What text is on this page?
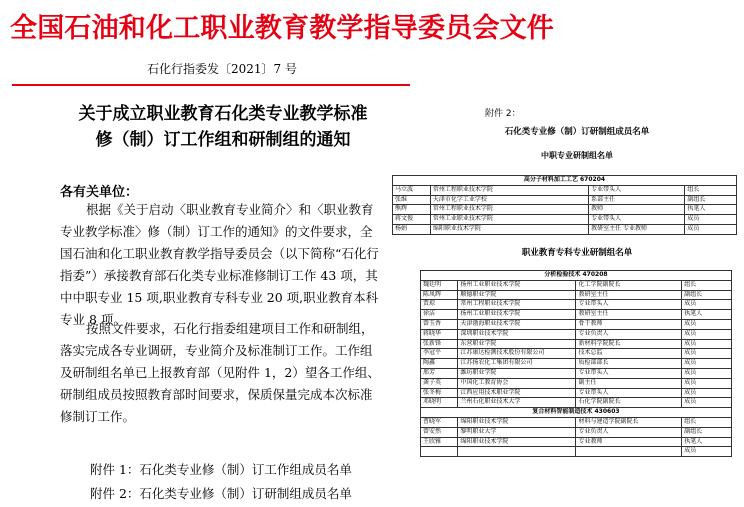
全国石油和化工职业教育教学指导委员会文件
石化行指委发〔2021〕7 号
关于成立职业教育石化类专业教学标准
修（制）订工作组和研制组的通知
各有关单位：

根据《关于启动〈职业教育专业简介〉和〈职业教育专业教学标准〉修（制）订工作的通知》的文件要求，全国石油和化工职业教育教学指导委员会（以下简称“石化行指委”）承接教育部石化类专业标准修制订工作 43 项，其中中职专业 15 项,职业教育专科专业 20 项,职业教育本科专业 8 项。

按照文件要求，石化行指委组建项目工作和研制组，落实完成各专业调研，专业简介及标准制订工作。工作组及研制组名单已上报教育部（见附件 1，2）望各工作组、研制组成员按照教育部时间要求，保质保量完成本次标准修制订工作。

附件 1：石化类专业修（制）订工作组成员名单
附件 2：石化类专业修（制）订研制组成员名单
附件 2：
石化类专业修（制）订研制组成员名单
中职专业研制组名单
高分子材料加工工艺 670204			
马立波	常州工程职业技术学院	专业带头人	组长
张维	天津市化学工业学校	系部主任	副组长
熊辉	常州工程职业技术学院	教师	执笔人
蒋文俊	常州工业职业技术学院	专业带头人	成员
杨娟	绵阳职业技术学院	教研室主任 专业教师	成员
职业教育专科专业研制组名单
分析检验技术 470208			
魏廷明	扬州工业职业技术学院	化工学院副院长	组长
陈凤辉	顺德职业学院	教研室主任	副组长
贾琼	常州工程职业技术学院	专业带头人	成员
徐洁	扬州工业职业技术学院	教研室主任	执笔人
曾玉香	天津渤海职业技术学院	骨干教师	成员
蒋晓华	深圳职业技术学院	专业负责人	成员
张新锋	东营职业学院	新材料学院院长	成员
李冠平	江苏康达检测技术股份有限公司	技术总监	成员
陶鑫	江苏扬农化工集团有限公司	质检部部长	成员
邢芳	潍坊职业学院	专业带头人	成员
龚子英	中国化工教育协会	副主任	成员
张冬梅	江西应用技术职业学院	专业带头人	成员
邓晓明	兰州石化职业技术大学	石化学院副院长	成员
复合材料智能制造技术 430603			
曹晓军	绵阳职业技术学院	材料与建造学院副院长	组长
曾安然	黎明职业大学	专业负责人	副组长
王欣雅	绵阳职业技术学院	专业教师	执笔人
			成员
